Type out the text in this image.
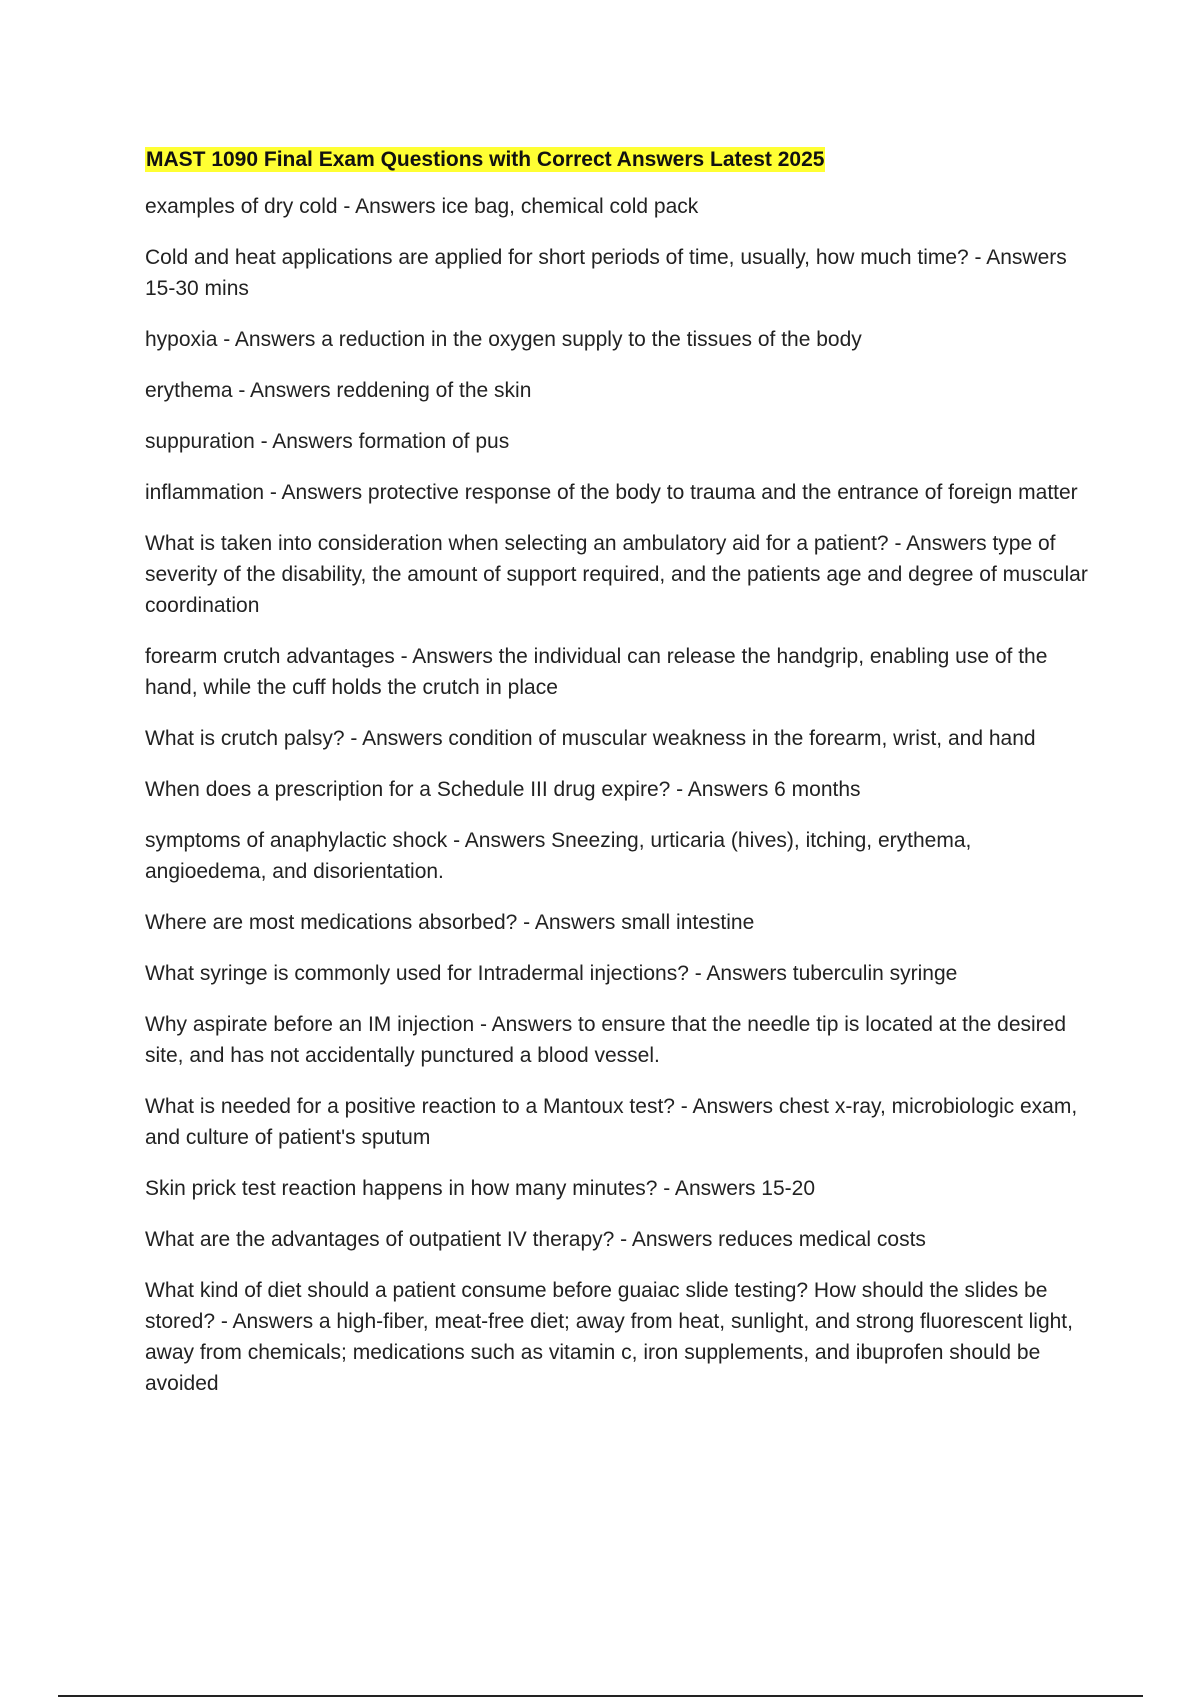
MAST 1090 Final Exam Questions with Correct Answers Latest 2025
examples of dry cold - Answers ice bag, chemical cold pack
Cold and heat applications are applied for short periods of time, usually, how much time? - Answers 15-30 mins
hypoxia - Answers a reduction in the oxygen supply to the tissues of the body
erythema - Answers reddening of the skin
suppuration - Answers formation of pus
inflammation - Answers protective response of the body to trauma and the entrance of foreign matter
What is taken into consideration when selecting an ambulatory aid for a patient? - Answers type of severity of the disability, the amount of support required, and the patients age and degree of muscular coordination
forearm crutch advantages - Answers the individual can release the handgrip, enabling use of the hand, while the cuff holds the crutch in place
What is crutch palsy? - Answers condition of muscular weakness in the forearm, wrist, and hand
When does a prescription for a Schedule III drug expire? - Answers 6 months
symptoms of anaphylactic shock - Answers Sneezing, urticaria (hives), itching, erythema, angioedema, and disorientation.
Where are most medications absorbed? - Answers small intestine
What syringe is commonly used for Intradermal injections? - Answers tuberculin syringe
Why aspirate before an IM injection - Answers to ensure that the needle tip is located at the desired site, and has not accidentally punctured a blood vessel.
What is needed for a positive reaction to a Mantoux test? - Answers chest x-ray, microbiologic exam, and culture of patient's sputum
Skin prick test reaction happens in how many minutes? - Answers 15-20
What are the advantages of outpatient IV therapy? - Answers reduces medical costs
What kind of diet should a patient consume before guaiac slide testing? How should the slides be stored? - Answers a high-fiber, meat-free diet; away from heat, sunlight, and strong fluorescent light, away from chemicals; medications such as vitamin c, iron supplements, and ibuprofen should be avoided
